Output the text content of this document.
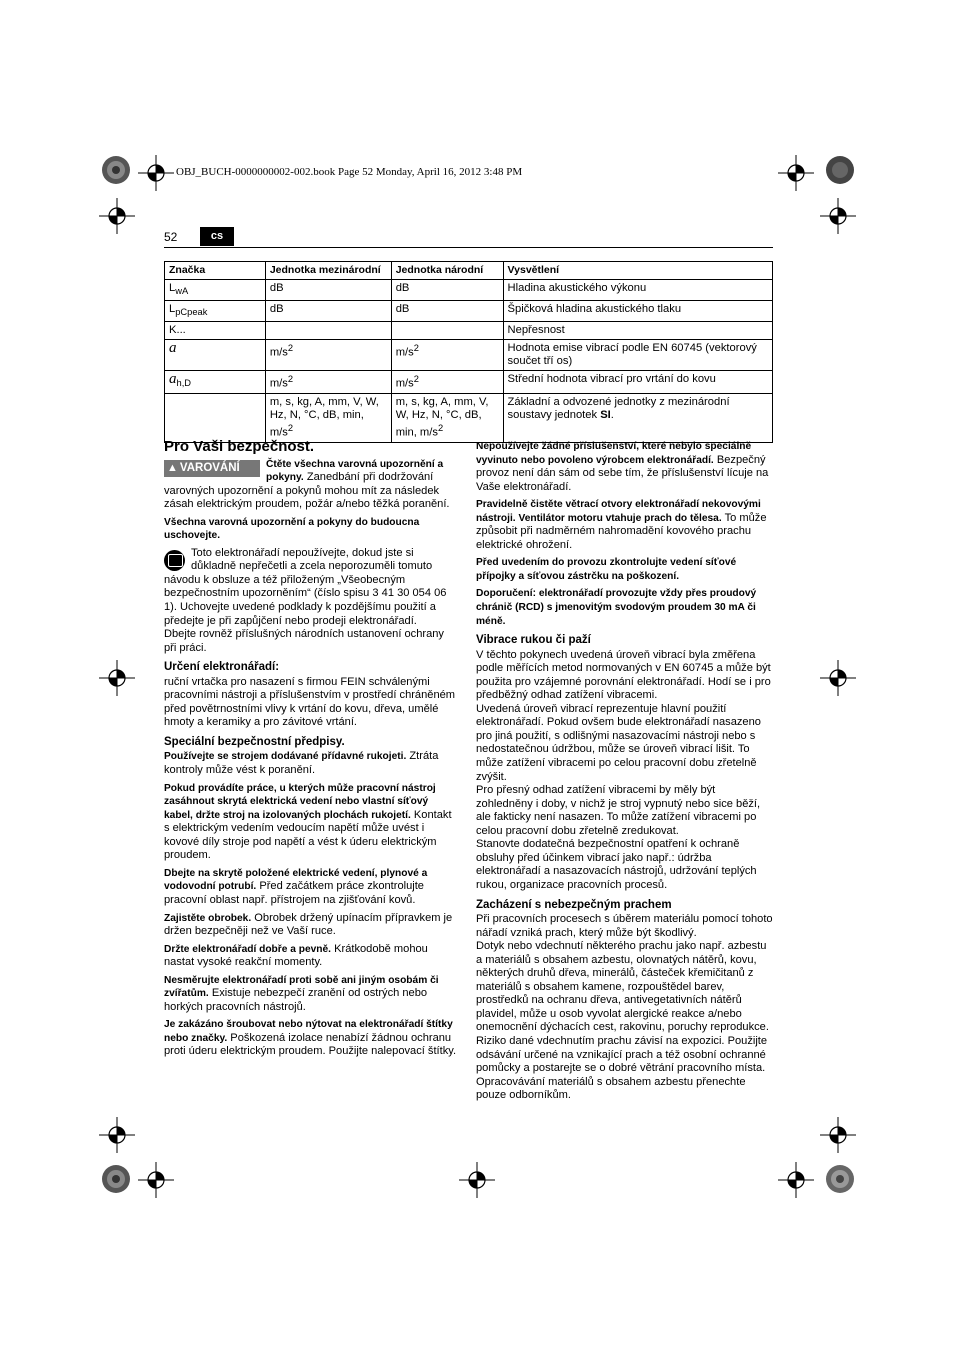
OBJ_BUCH-0000000002-002.book Page 52 Monday, April 16, 2012 3:48 PM
52	cs
Značka	Jednotka mezinárodní	Jednotka národní	Vysvětlení
$L_{wA}$	dB	dB	Hladina akustického výkonu
$L_{pCpeak}$	dB	dB	Špičková hladina akustického tlaku
K...			Nepřesnost
a	$m/s^2$	$m/s^2$	Hodnota emise vibrací podle EN 60745 (vektorový součet tří os)
$a_{h,D}$	$m/s^2$	$m/s^2$	Střední hodnota vibrací pro vrtání do kovu
	m, s, kg, A, mm, V, W, Hz, N, °C, dB, min, $m/s^2$	m, s, kg, A, mm, V, W, Hz, N, °C, dB, min, $m/s^2$	Základní a odvozené jednotky z mezinárodní soustavy jednotek SI.
Pro Vaši bezpečnost.
▲ VAROVÁNÍ	Čtěte všechna varovná upozornění a pokyny. Zanedbání při dodržování varovných upozornění a pokynů mohou mít za následek zásah elektrickým proudem, požár a/nebo těžká poranění.

Všechna varovná upozornění a pokyny do budoucna uschovejte.

Toto elektronářadí nepoužívejte, dokud jste si důkladně nepřečetli a zcela neporozuměli tomuto návodu k obsluze a též přiloženým „Všeobecným bezpečnostním upozorněním“ (číslo spisu 3 41 30 054 06 1). Uchovejte uvedené podklady k pozdějšímu použití a předejte je při zapůjčení nebo prodeji elektronářadí.

Dbejte rovněž příslušných národních ustanovení ochrany při práci.

Určení elektronářadí:

ruční vrtačka pro nasazení s firmou FEIN schválenými pracovními nástroji a příslušenstvím v prostředí chráněném před povětrnostními vlivy k vrtání do kovu, dřeva, umělé hmoty a keramiky a pro závitové vrtání.

Speciální bezpečnostní předpisy.

Používejte se strojem dodávané přídavné rukojeti. Ztráta kontroly může vést k poranění.

Pokud provádíte práce, u kterých může pracovní nástroj zasáhnout skrytá elektrická vedení nebo vlastní síťový kabel, držte stroj na izolovaných plochách rukojetí. Kontakt s elektrickým vedením vedoucím napětí může uvést i kovové díly stroje pod napětí a vést k úderu elektrickým proudem.

Dbejte na skrytě položené elektrické vedení, plynové a vodovodní potrubí. Před začátkem práce zkontrolujte pracovní oblast např. přístrojem na zjišťování kovů.

Zajistěte obrobek. Obrobek držený upínacím přípravkem je držen bezpečněji než ve Vaší ruce.

Držte elektronářadí dobře a pevně. Krátkodobě mohou nastat vysoké reakční momenty.

Nesměrujte elektronářadí proti sobě ani jiným osobám či zvířatům. Existuje nebezpečí zranění od ostrých nebo horkých pracovních nástrojů.

Je zakázáno šroubovat nebo nýtovat na elektronářadí štítky nebo značky. Poškozená izolace nenabízí žádnou ochranu proti úderu elektrickým proudem. Použijte nalepovací štítky.

Nepoužívejte žádné příslušenství, které nebylo speciálně vyvinuto nebo povoleno výrobcem elektronářadí. Bezpečný provoz není dán sám od sebe tím, že příslušenství lícuje na Vaše elektronářadí.

Pravidelně čistěte větrací otvory elektronářadí nekovovými nástroji. Ventilátor motoru vtahuje prach do tělesa. To může způsobit při nadměrném nahromadění kovového prachu elektrické ohrožení.

Před uvedením do provozu zkontrolujte vedení síťové přípojky a síťovou zástrčku na poškození.

Doporučení: elektronářadí provozujte vždy přes proudový chránič (RCD) s jmenovitým svodovým proudem 30 mA či méně.

Vibrace rukou či paží

V těchto pokynech uvedená úroveň vibrací byla změřena podle měřících metod normovaných v EN 60745 a může být použita pro vzájemné porovnání elektronářadí. Hodí se i pro předběžný odhad zatížení vibracemi.

Uvedená úroveň vibrací reprezentuje hlavní použití elektronářadí. Pokud ovšem bude elektronářadí nasazeno pro jiná použití, s odlišnými nasazovacími nástroji nebo s nedostatečnou údržbou, může se úroveň vibrací lišit. To může zatížení vibracemi po celou pracovní dobu zřetelně zvýšit.

Pro přesný odhad zatížení vibracemi by měly být zohledněny i doby, v nichž je stroj vypnutý nebo sice běží, ale fakticky není nasazen. To může zatížení vibracemi po celou pracovní dobu zřetelně zredukovat.

Stanovte dodatečná bezpečnostní opatření k ochraně obsluhy před účinkem vibrací jako např.: údržba elektronářadí a nasazovacích nástrojů, udržování teplých rukou, organizace pracovních procesů.

Zacházení s nebezpečným prachem

Při pracovních procesech s úběrem materiálu pomocí tohoto nářadí vzniká prach, který může být škodlivý.

Dotyk nebo vdechnutí některého prachu jako např. azbestu a materiálů s obsahem azbestu, olovnatých nátěrů, kovu, některých druhů dřeva, minerálů, částeček křemičitanů z materiálů s obsahem kamene, rozpouštědel barev, prostředků na ochranu dřeva, antivegetativních nátěrů plavidel, může u osob vyvolat alergické reakce a/nebo onemocnění dýchacích cest, rakovinu, poruchy reprodukce. Riziko dané vdechnutím prachu závisí na expozici. Použijte odsávání určené na vznikající prach a též osobní ochranné pomůcky a postarejte se o dobré větrání pracovního místa.

Opracovávání materiálů s obsahem azbestu přenechte pouze odborníkům.
